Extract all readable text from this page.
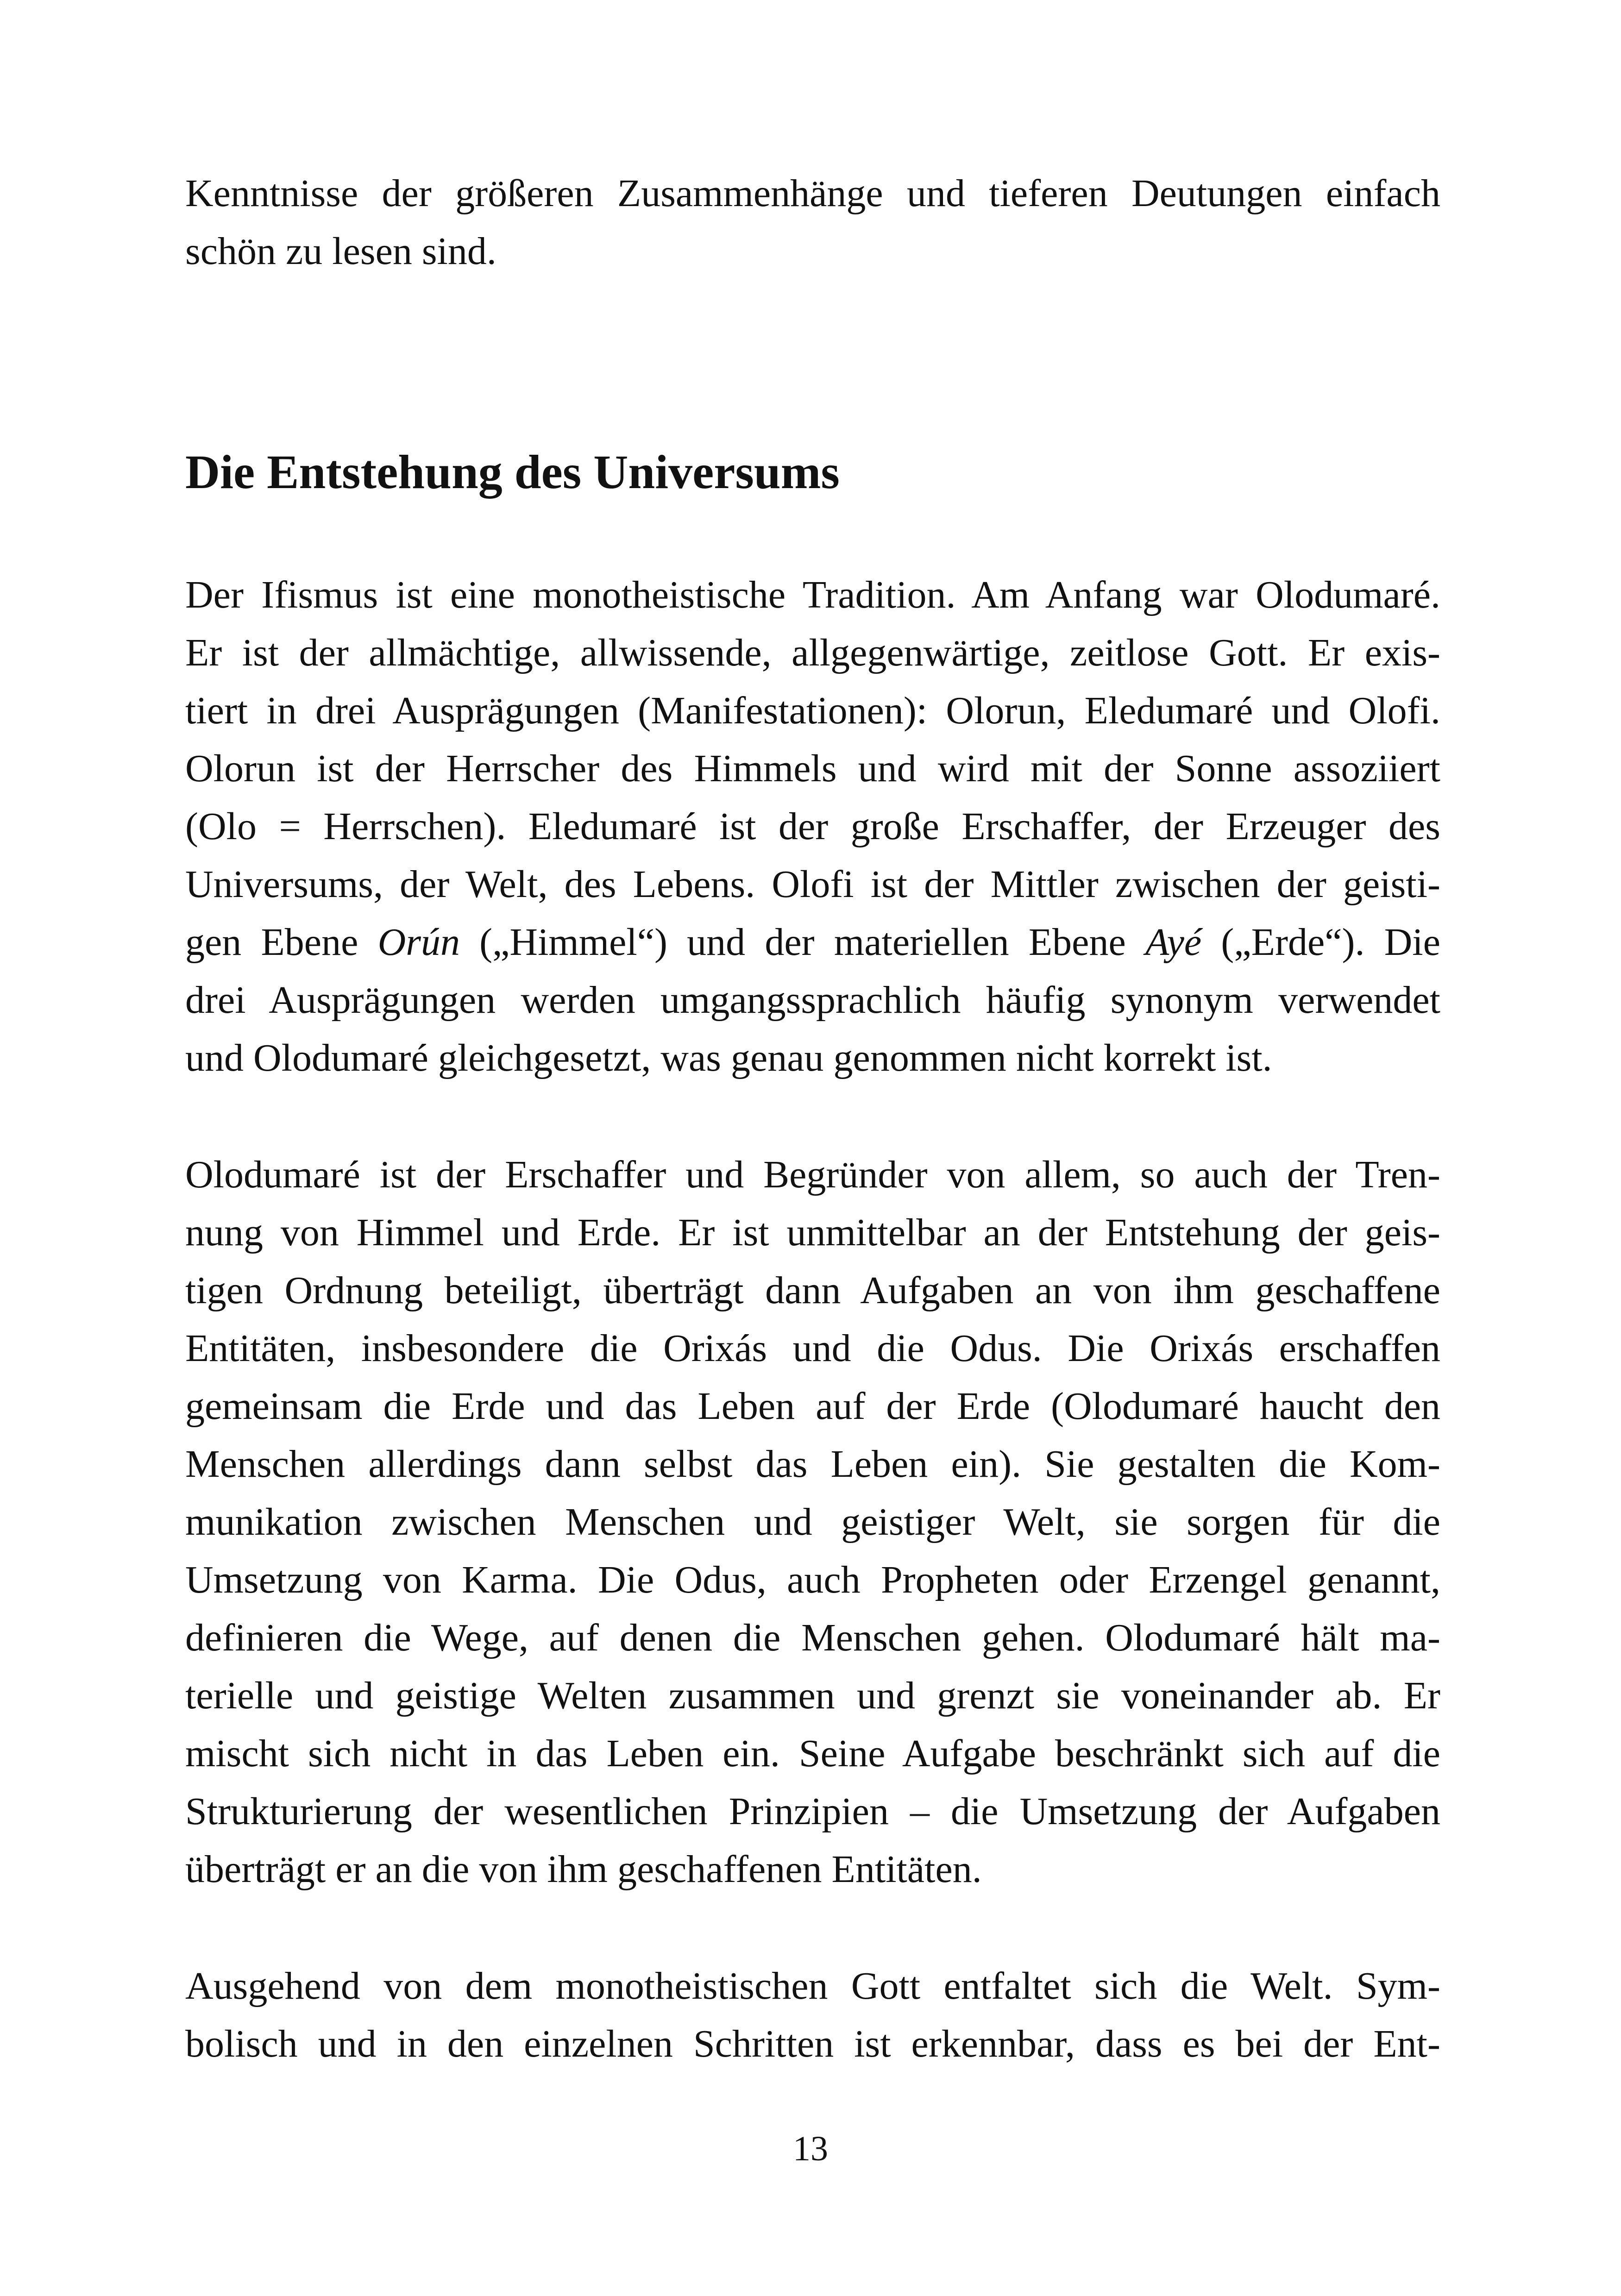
Kenntnisse der größeren Zusammenhänge und tieferen Deutungen einfach
schön zu lesen sind.
Die Entstehung des Universums
Der Ifismus ist eine monotheistische Tradition. Am Anfang war Olodumaré.
Er ist der allmächtige, allwissende, allgegenwärtige, zeitlose Gott. Er exis-
tiert in drei Ausprägungen (Manifestationen): Olorun, Eledumaré und Olofi.
Olorun ist der Herrscher des Himmels und wird mit der Sonne assoziiert
(Olo = Herrschen). Eledumaré ist der große Erschaffer, der Erzeuger des
Universums, der Welt, des Lebens. Olofi ist der Mittler zwischen der geisti-
gen Ebene Orún („Himmel“) und der materiellen Ebene Ayé („Erde“). Die
drei Ausprägungen werden umgangssprachlich häufig synonym verwendet
und Olodumaré gleichgesetzt, was genau genommen nicht korrekt ist.
Olodumaré ist der Erschaffer und Begründer von allem, so auch der Tren-
nung von Himmel und Erde. Er ist unmittelbar an der Entstehung der geis-
tigen Ordnung beteiligt, überträgt dann Aufgaben an von ihm geschaffene
Entitäten, insbesondere die Orixás und die Odus. Die Orixás erschaffen
gemeinsam die Erde und das Leben auf der Erde (Olodumaré haucht den
Menschen allerdings dann selbst das Leben ein). Sie gestalten die Kom-
munikation zwischen Menschen und geistiger Welt, sie sorgen für die
Umsetzung von Karma. Die Odus, auch Propheten oder Erzengel genannt,
definieren die Wege, auf denen die Menschen gehen. Olodumaré hält ma-
terielle und geistige Welten zusammen und grenzt sie voneinander ab. Er
mischt sich nicht in das Leben ein. Seine Aufgabe beschränkt sich auf die
Strukturierung der wesentlichen Prinzipien – die Umsetzung der Aufgaben
überträgt er an die von ihm geschaffenen Entitäten.
Ausgehend von dem monotheistischen Gott entfaltet sich die Welt. Sym-
bolisch und in den einzelnen Schritten ist erkennbar, dass es bei der Ent-
13
